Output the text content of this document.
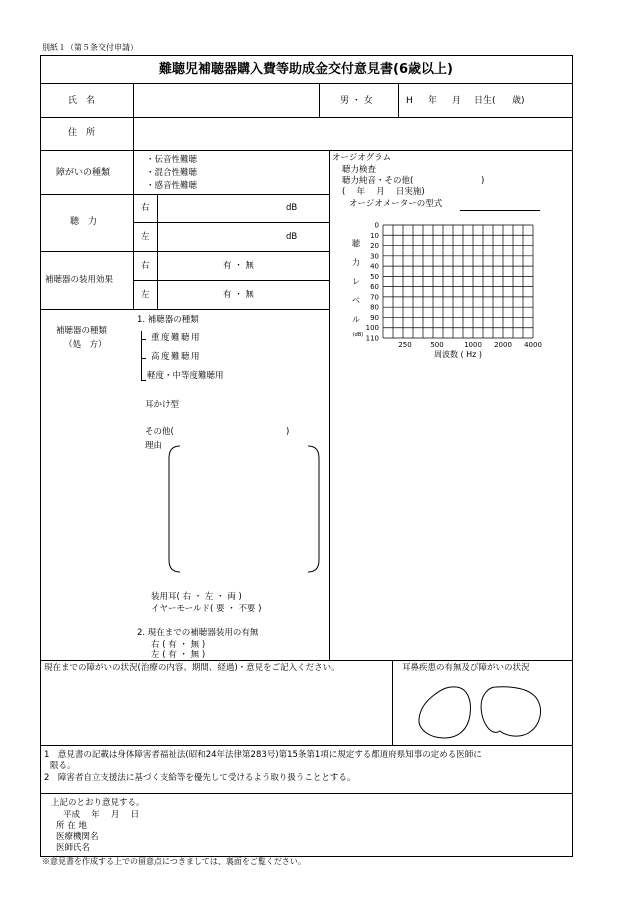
別紙１（第５条交付申請）
難聴児補聴器購入費等助成金交付意見書(6歳以上)
氏　名	男 ・ 女	H 年 月 日生( 歳)
住　所
障がいの種類
・伝音性難聴
・混合性難聴
・感音性難聴
聴　力
右	dB
左	dB
補聴器の装用効果
右	有 ・ 無
左	有 ・ 無
補聴器の種類
（処　方）
1. 補聴器の種類
重度難聴用
高度難聴用
軽度・中等度難聴用
耳かけ型
その他(	)
理由
装用耳( 右 ・ 左 ・ 両 )
イヤーモールド( 要 ・ 不要 )
2. 現在までの補聴器装用の有無
右 ( 有 ・ 無 )
左 ( 有 ・ 無 )
オージオグラム
聴力検査
聴力純音・その他(	)
(　 年　 月　 日実施)
オージオメーターの型式
0
10
20
30
40
50
60
70
80
90
100
110
250	500	1000 2000 4000
周波数 ( Hz )
聴
力
レ
ベ
ル
(dB)
現在までの障がいの状況(治療の内容、期間、経過)・意見をご記入ください。	耳鼻疾患の有無及び障がいの状況
1　意見書の記載は身体障害者福祉法(昭和24年法律第283号)第15条第1項に規定する都道府県知事の定める医師に
限る。
2　障害者自立支援法に基づく支給等を優先して受けるよう取り扱うこととする。
上記のとおり意見する。
平成　 年　 月　 日
所 在 地
医療機関名
医師氏名
※意見書を作成する上での留意点につきましては、裏面をご覧ください。
